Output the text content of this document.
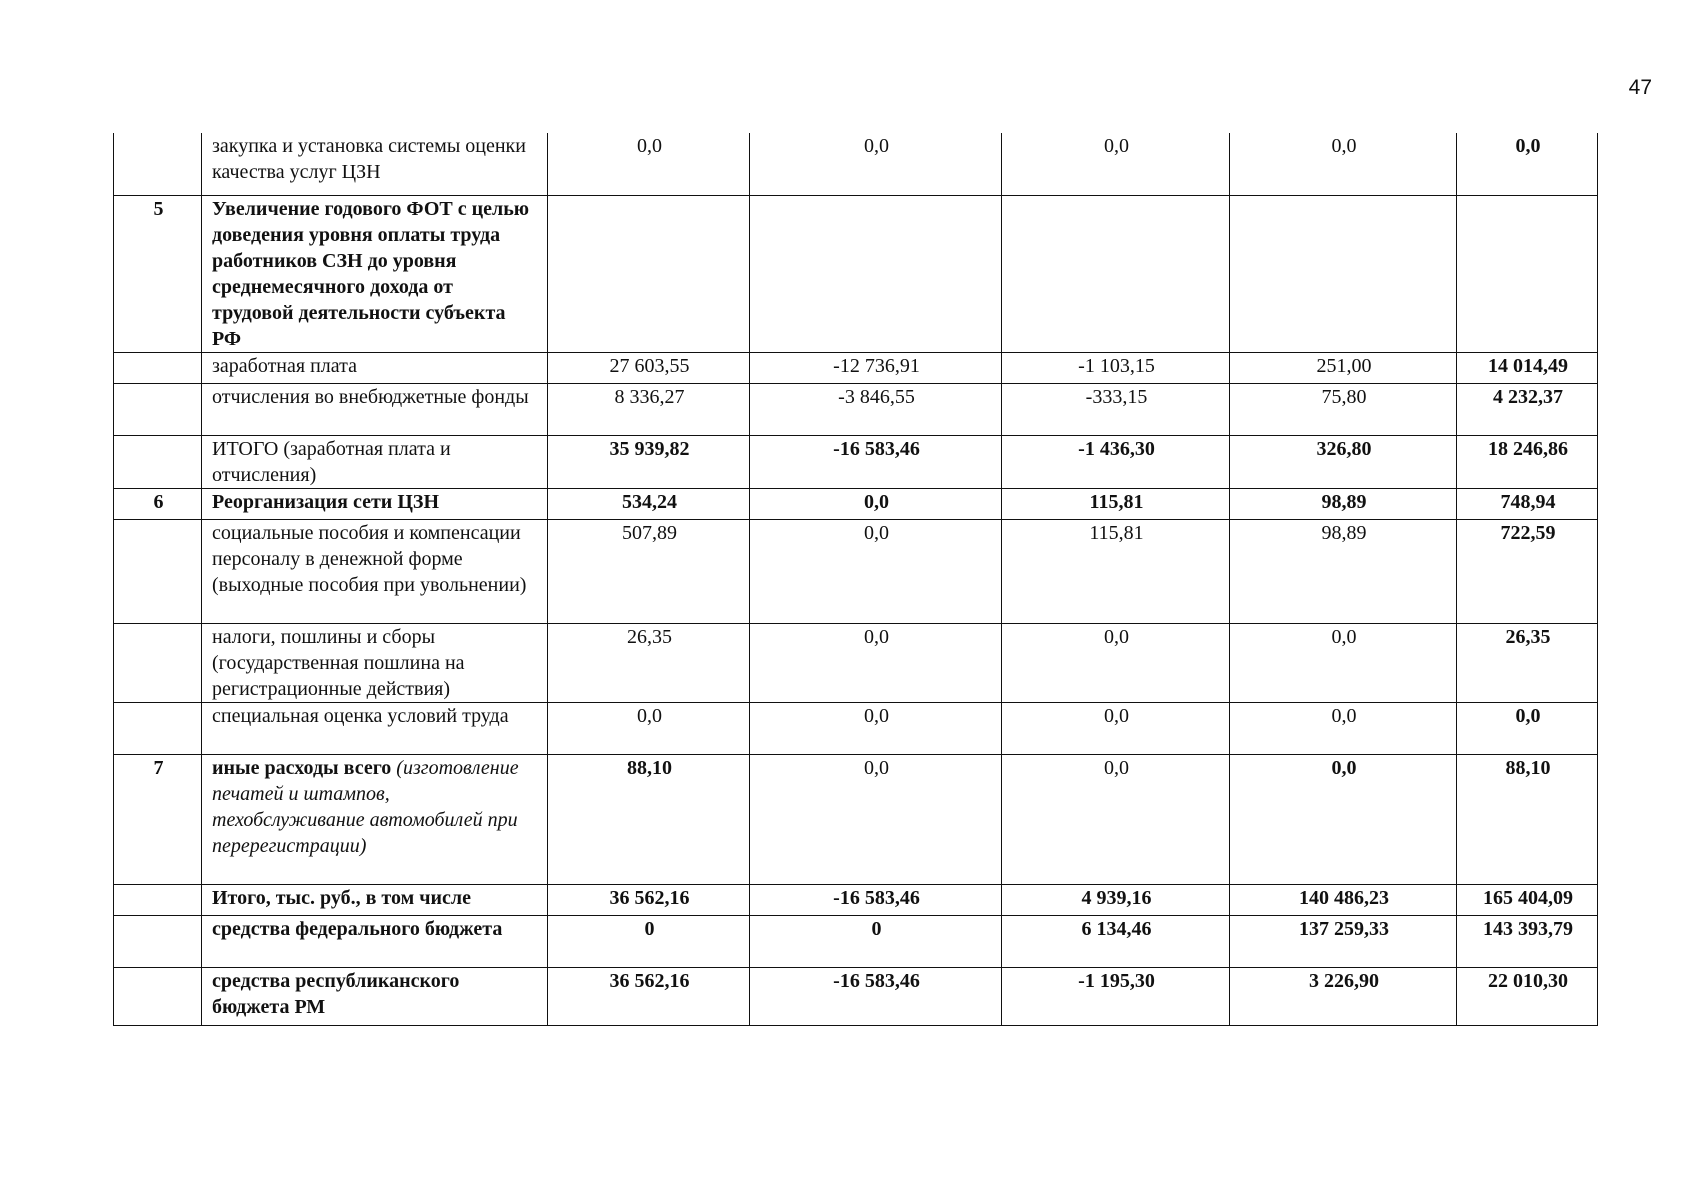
47
	закупка и установка системы оценки качества услуг ЦЗН	0,0	0,0	0,0	0,0	0,0
5	Увеличение годового ФОТ с целью доведения уровня оплаты труда работников СЗН до уровня среднемесячного дохода от трудовой деятельности субъекта РФ					
	заработная плата	27 603,55	-12 736,91	-1 103,15	251,00	14 014,49
	отчисления во внебюджетные фонды	8 336,27	-3 846,55	-333,15	75,80	4 232,37
	ИТОГО (заработная плата и отчисления)	35 939,82	-16 583,46	-1 436,30	326,80	18 246,86
6	Реорганизация сети ЦЗН	534,24	0,0	115,81	98,89	748,94
	социальные пособия и компенсации персоналу в денежной форме (выходные пособия при увольнении)	507,89	0,0	115,81	98,89	722,59
	налоги, пошлины и сборы (государственная пошлина на регистрационные действия)	26,35	0,0	0,0	0,0	26,35
	специальная оценка условий труда	0,0	0,0	0,0	0,0	0,0
7	иные расходы всего (изготовление печатей и штампов, техобслуживание автомобилей при перерегистрации)	88,10	0,0	0,0	0,0	88,10
	Итого, тыс. руб., в том числе	36 562,16	-16 583,46	4 939,16	140 486,23	165 404,09
	средства федерального бюджета	0	0	6 134,46	137 259,33	143 393,79
	средства республиканского бюджета РМ	36 562,16	-16 583,46	-1 195,30	3 226,90	22 010,30
